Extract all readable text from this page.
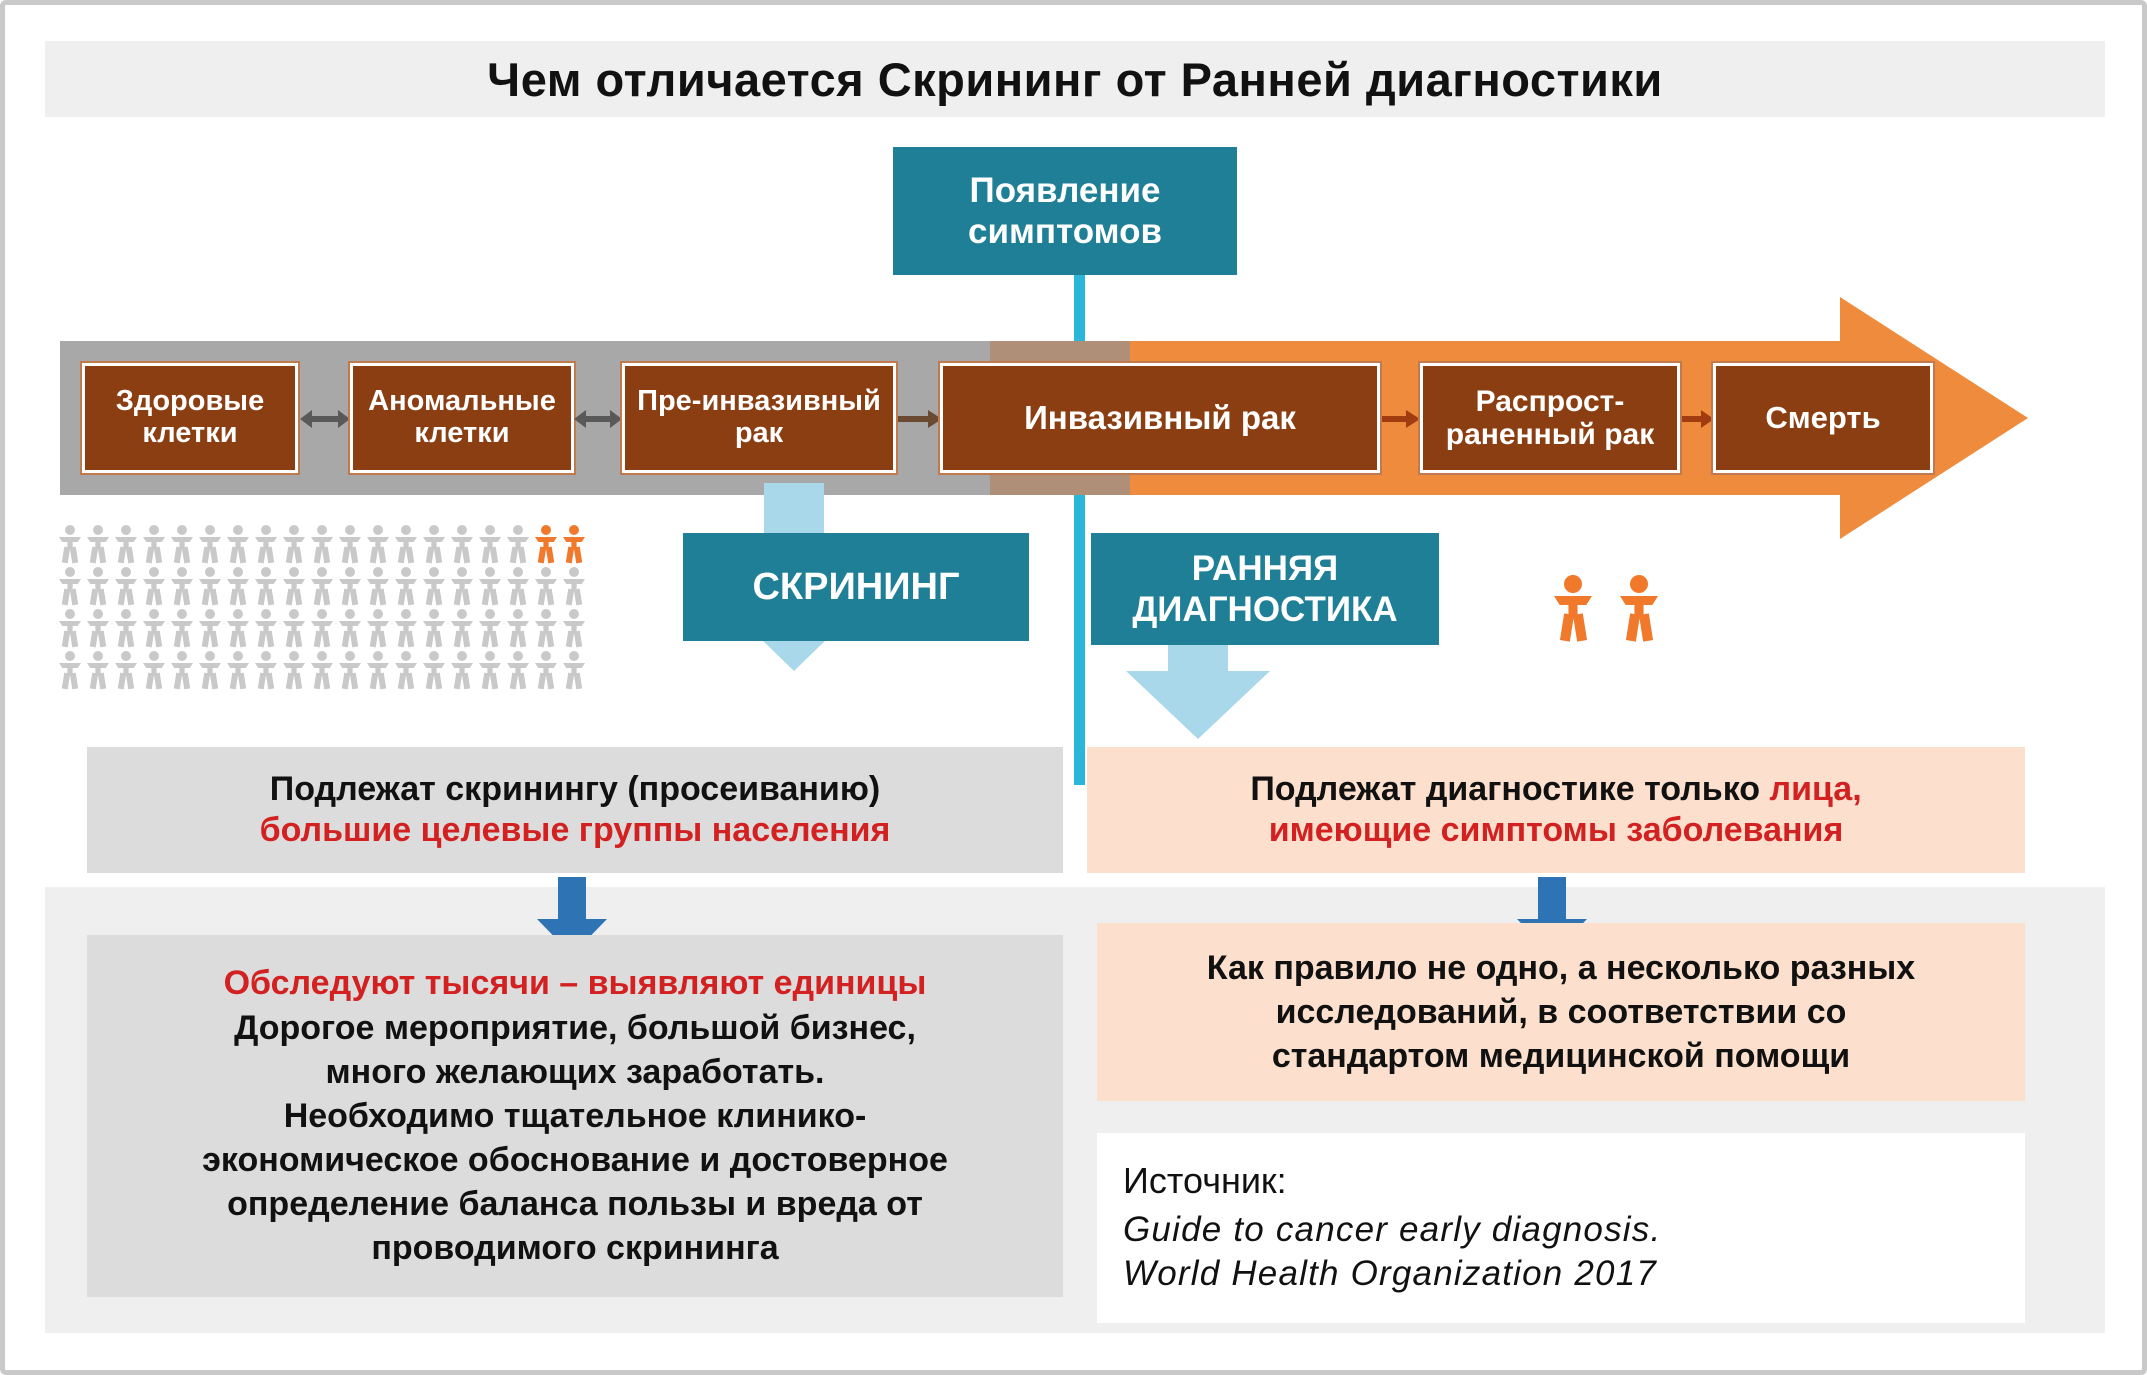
Чем отличается Скрининг от Ранней диагностики
Появление симптомов
Здоровые клетки
Аномальные клетки
Пре-инвазивный рак	Инвазивный рак	Распрост-раненный рак	Смерть
СКРИНИНГ	РАННЯЯ ДИАГНОСТИКА
Подлежат скринингу (просеиванию)
большие целевые группы населения
Подлежат диагностике только лица,
имеющие симптомы заболевания
Обследуют тысячи – выявляют единицы
Дорогое мероприятие, большой бизнес,
много желающих заработать.
Необходимо тщательное клинико-
экономическое обоснование и достоверное
определение баланса пользы и вреда от
проводимого скрининга
Как правило не одно, а несколько разных
исследований, в соответствии со
стандартом медицинской помощи
Источник:
Guide to cancer early diagnosis.
World Health Organization 2017
